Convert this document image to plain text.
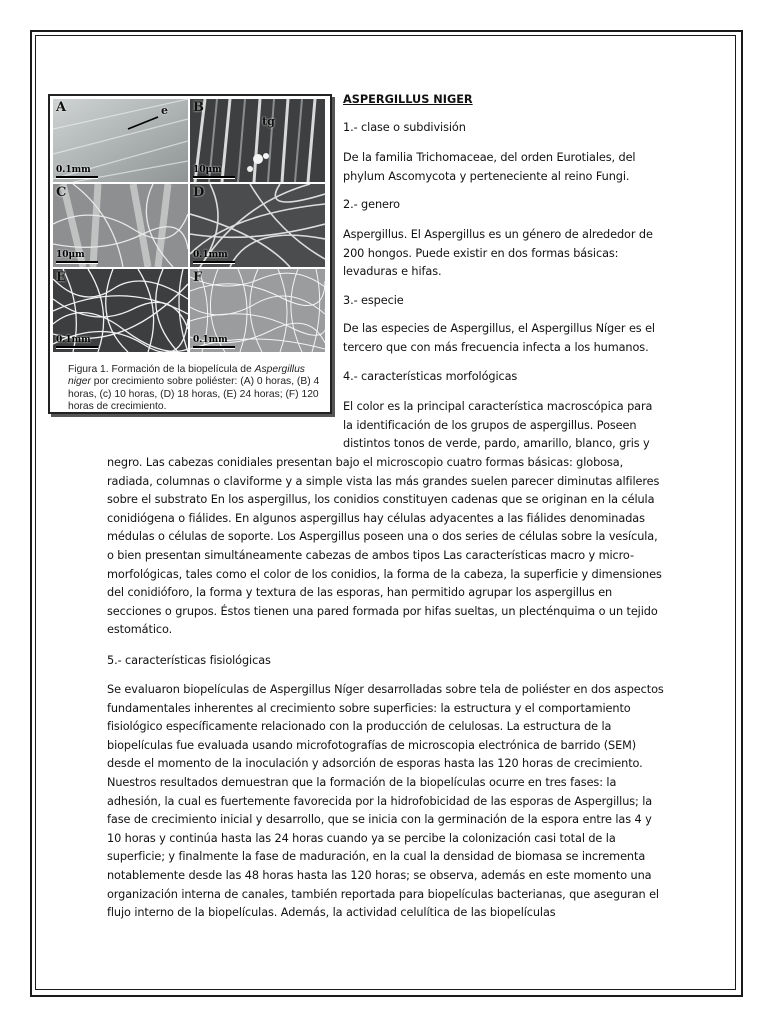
A	e
0.1mm
B
tg
10μm
C
10μm
D
0.1mm
E
0.1mm
F
0.1mm
Figura 1. Formación de la biopelícula de Aspergillus niger por crecimiento sobre poliéster: (A) 0 horas, (B) 4 horas, (c) 10 horas, (D) 18 horas, (E) 24 horas; (F) 120 horas de crecimiento.
ASPERGILLUS NIGER

1.- clase o subdivisión

De la familia Trichomaceae, del orden Eurotiales, del phylum Ascomycota y perteneciente al reino Fungi.

2.- genero

Aspergillus. El Aspergillus es un género de alrededor de 200 hongos. Puede existir en dos formas básicas: levaduras e hifas.

3.- especie

De las especies de Aspergillus, el Aspergillus Níger es el tercero que con más frecuencia infecta a los humanos.

4.- características morfológicas

El color es la principal característica macroscópica para la identificación de los grupos de aspergillus. Poseen distintos tonos de verde, pardo, amarillo, blanco, gris y

negro. Las cabezas conidiales presentan bajo el microscopio cuatro formas básicas: globosa, radiada, columnas o claviforme y a simple vista las más grandes suelen parecer diminutas alfileres sobre el substrato En los aspergillus, los conidios constituyen cadenas que se originan en la célula conidiógena o fiálides. En algunos aspergillus hay células adyacentes a las fiálides denominadas médulas o células de soporte. Los Aspergillus poseen una o dos series de células sobre la vesícula, o bien presentan simultáneamente cabezas de ambos tipos Las características macro y micro-morfológicas, tales como el color de los conidios, la forma de la cabeza, la superficie y dimensiones del conidióforo, la forma y textura de las esporas, han permitido agrupar los aspergillus en secciones o grupos. Éstos tienen una pared formada por hifas sueltas, un plecténquima o un tejido estomático.

5.- características fisiológicas

Se evaluaron biopelículas de Aspergillus Níger desarrolladas sobre tela de poliéster en dos aspectos fundamentales inherentes al crecimiento sobre superficies: la estructura y el comportamiento fisiológico específicamente relacionado con la producción de celulosas. La estructura de la biopelículas fue evaluada usando microfotografías de microscopia electrónica de barrido (SEM) desde el momento de la inoculación y adsorción de esporas hasta las 120 horas de crecimiento. Nuestros resultados demuestran que la formación de la biopelículas ocurre en tres fases: la adhesión, la cual es fuertemente favorecida por la hidrofobicidad de las esporas de Aspergillus; la fase de crecimiento inicial y desarrollo, que se inicia con la germinación de la espora entre las 4 y 10 horas y continúa hasta las 24 horas cuando ya se percibe la colonización casi total de la superficie; y finalmente la fase de maduración, en la cual la densidad de biomasa se incrementa notablemente desde las 48 horas hasta las 120 horas; se observa, además en este momento una organización interna de canales, también reportada para biopelículas bacterianas, que aseguran el flujo interno de la biopelículas. Además, la actividad celulítica de las biopelículas
